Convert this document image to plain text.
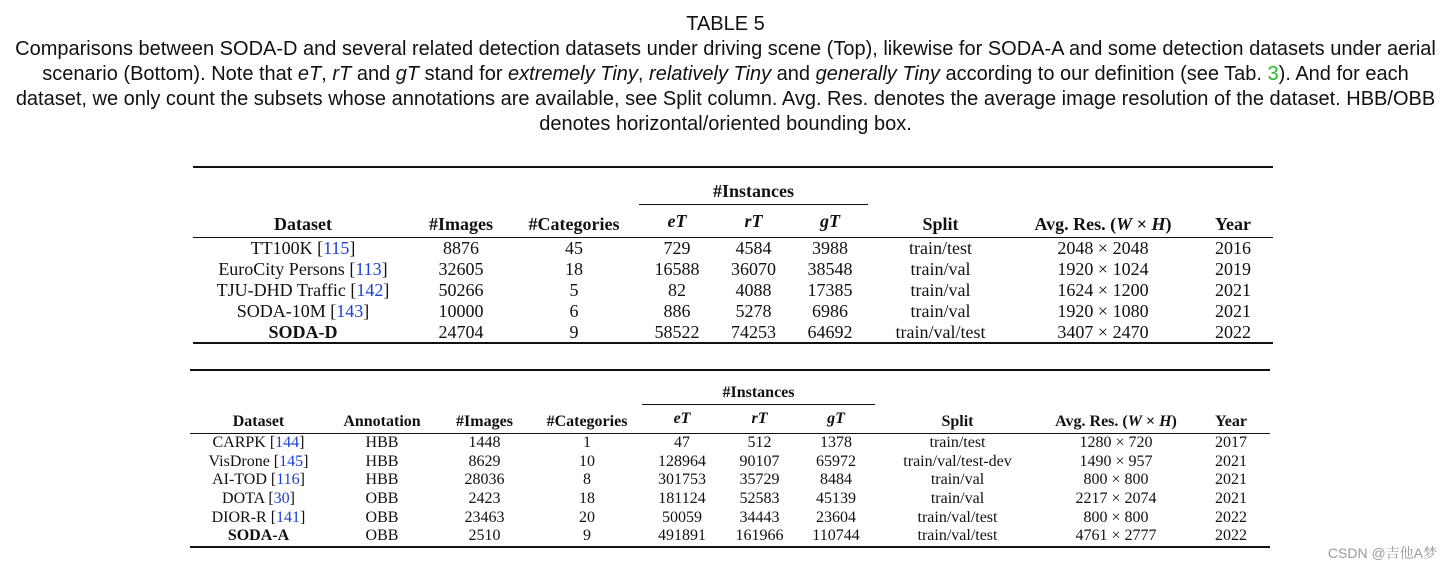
TABLE 5
Comparisons between SODA-D and several related detection datasets under driving scene (Top), likewise for SODA-A and some detection datasets under aerial scenario (Bottom). Note that eT, rT and gT stand for extremely Tiny, relatively Tiny and generally Tiny according to our definition (see Tab. 3). And for each dataset, we only count the subsets whose annotations are available, see Split column. Avg. Res. denotes the average image resolution of the dataset. HBB/OBB denotes horizontal/oriented bounding box.
Dataset	#Images	#Categories	#Instances			Split	Avg. Res. (W × H)	Year
			eT	rT	gT			
TT100K [115]	8876	45	729	4584	3988	train/test	2048 × 2048	2016
EuroCity Persons [113]	32605	18	16588	36070	38548	train/val	1920 × 1024	2019
TJU-DHD Traffic [142]	50266	5	82	4088	17385	train/val	1624 × 1200	2021
SODA-10M [143]	10000	6	886	5278	6986	train/val	1920 × 1080	2021
SODA-D	24704	9	58522	74253	64692	train/val/test	3407 × 2470	2022
Dataset	Annotation	#Images	#Categories	#Instances			Split	Avg. Res. (W × H)	Year
				eT	rT	gT			
CARPK [144]	HBB	1448	1	47	512	1378	train/test	1280 × 720	2017
VisDrone [145]	HBB	8629	10	128964	90107	65972	train/val/test-dev	1490 × 957	2021
AI-TOD [116]	HBB	28036	8	301753	35729	8484	train/val	800 × 800	2021
DOTA [30]	OBB	2423	18	181124	52583	45139	train/val	2217 × 2074	2021
DIOR-R [141]	OBB	23463	20	50059	34443	23604	train/val/test	800 × 800	2022
SODA-A	OBB	2510	9	491891	161966	110744	train/val/test	4761 × 2777	2022
CSDN @吉他A梦
